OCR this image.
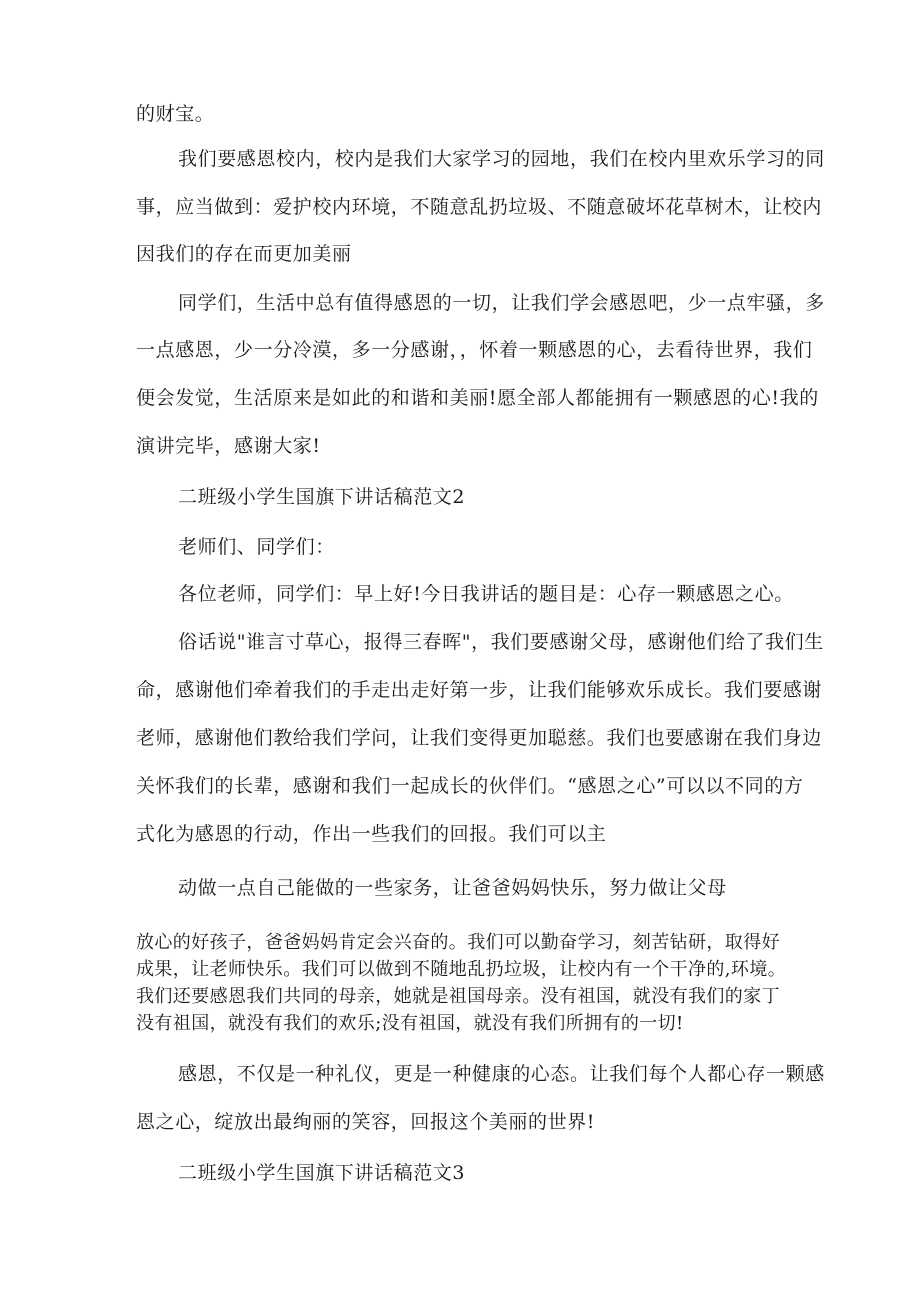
的财宝。
我们要感恩校内，校内是我们大家学习的园地，我们在校内里欢乐学习的同
事，应当做到：爱护校内环境，不随意乱扔垃圾、不随意破坏花草树木，让校内
因我们的存在而更加美丽
同学们，生活中总有值得感恩的一切，让我们学会感恩吧，少一点牢骚，多
一点感恩，少一分冷漠，多一分感谢，，怀着一颗感恩的心，去看待世界，我们
便会发觉，生活原来是如此的和谐和美丽!愿全部人都能拥有一颗感恩的心!我的
演讲完毕，感谢大家!
二班级小学生国旗下讲话稿范文2
老师们、同学们：
各位老师，同学们：早上好!今日我讲话的题目是：心存一颗感恩之心。
俗话说"谁言寸草心，报得三春晖"，我们要感谢父母，感谢他们给了我们生
命，感谢他们牵着我们的手走出走好第一步，让我们能够欢乐成长。我们要感谢
老师，感谢他们教给我们学问，让我们变得更加聪慈。我们也要感谢在我们身边
关怀我们的长辈，感谢和我们一起成长的伙伴们。“感恩之心”可以以不同的方
式化为感恩的行动，作出一些我们的回报。我们可以主
动做一点自己能做的一些家务，让爸爸妈妈快乐，努力做让父母
放心的好孩子，爸爸妈妈肯定会兴奋的。我们可以勤奋学习，刻苦钻研，取得好
成果，让老师快乐。我们可以做到不随地乱扔垃圾，让校内有一个干净的,环境。
我们还要感恩我们共同的母亲，她就是祖国母亲。没有祖国，就没有我们的家丁
没有祖国，就没有我们的欢乐;没有祖国，就没有我们所拥有的一切!
感恩，不仅是一种礼仪，更是一种健康的心态。让我们每个人都心存一颗感
恩之心，绽放出最绚丽的笑容，回报这个美丽的世界!
二班级小学生国旗下讲话稿范文3
